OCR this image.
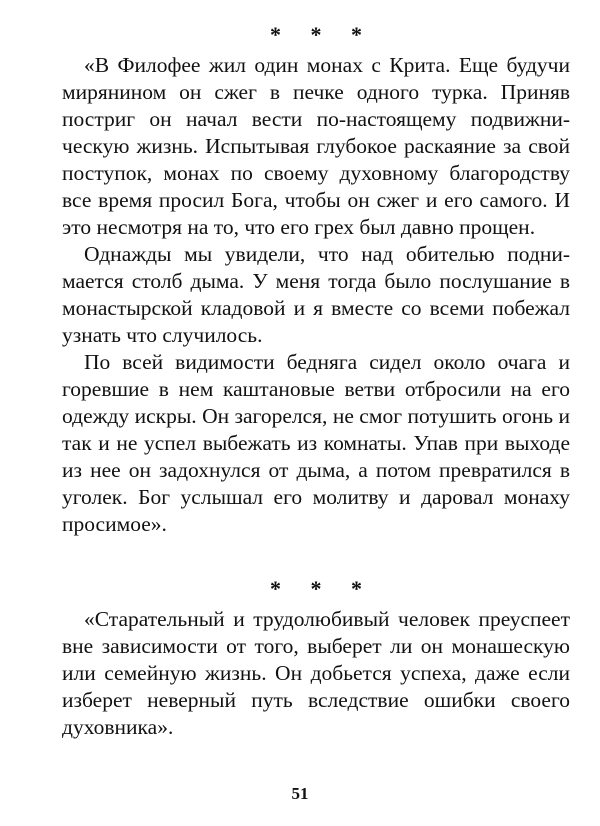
* * *

«В Филофее жил один монах с Крита. Еще будучи мирянином он сжег в печке одного турка. Приняв постриг он начал вести по-настоящему подвижническую жизнь. Испытывая глубокое раскаяние за свой поступок, монах по своему духовному благородству все время просил Бога, чтобы он сжег и его самого. И это несмотря на то, что его грех был давно прощен.

Однажды мы увидели, что над обителью поднимается столб дыма. У меня тогда было послушание в монастырской кладовой и я вместе со всеми побежал узнать что случилось.

По всей видимости бедняга сидел около очага и горевшие в нем каштановые ветви отбросили на его одежду искры. Он загорелся, не смог потушить огонь и так и не успел выбежать из комнаты. Упав при выходе из нее он задохнулся от дыма, а потом превратился в уголек. Бог услышал его молитву и даровал монаху просимое».

* * *

«Старательный и трудолюбивый человек преуспеет вне зависимости от того, выберет ли он монашескую или семейную жизнь. Он добьется успеха, даже если изберет неверный путь вследствие ошибки своего духовника».

51
